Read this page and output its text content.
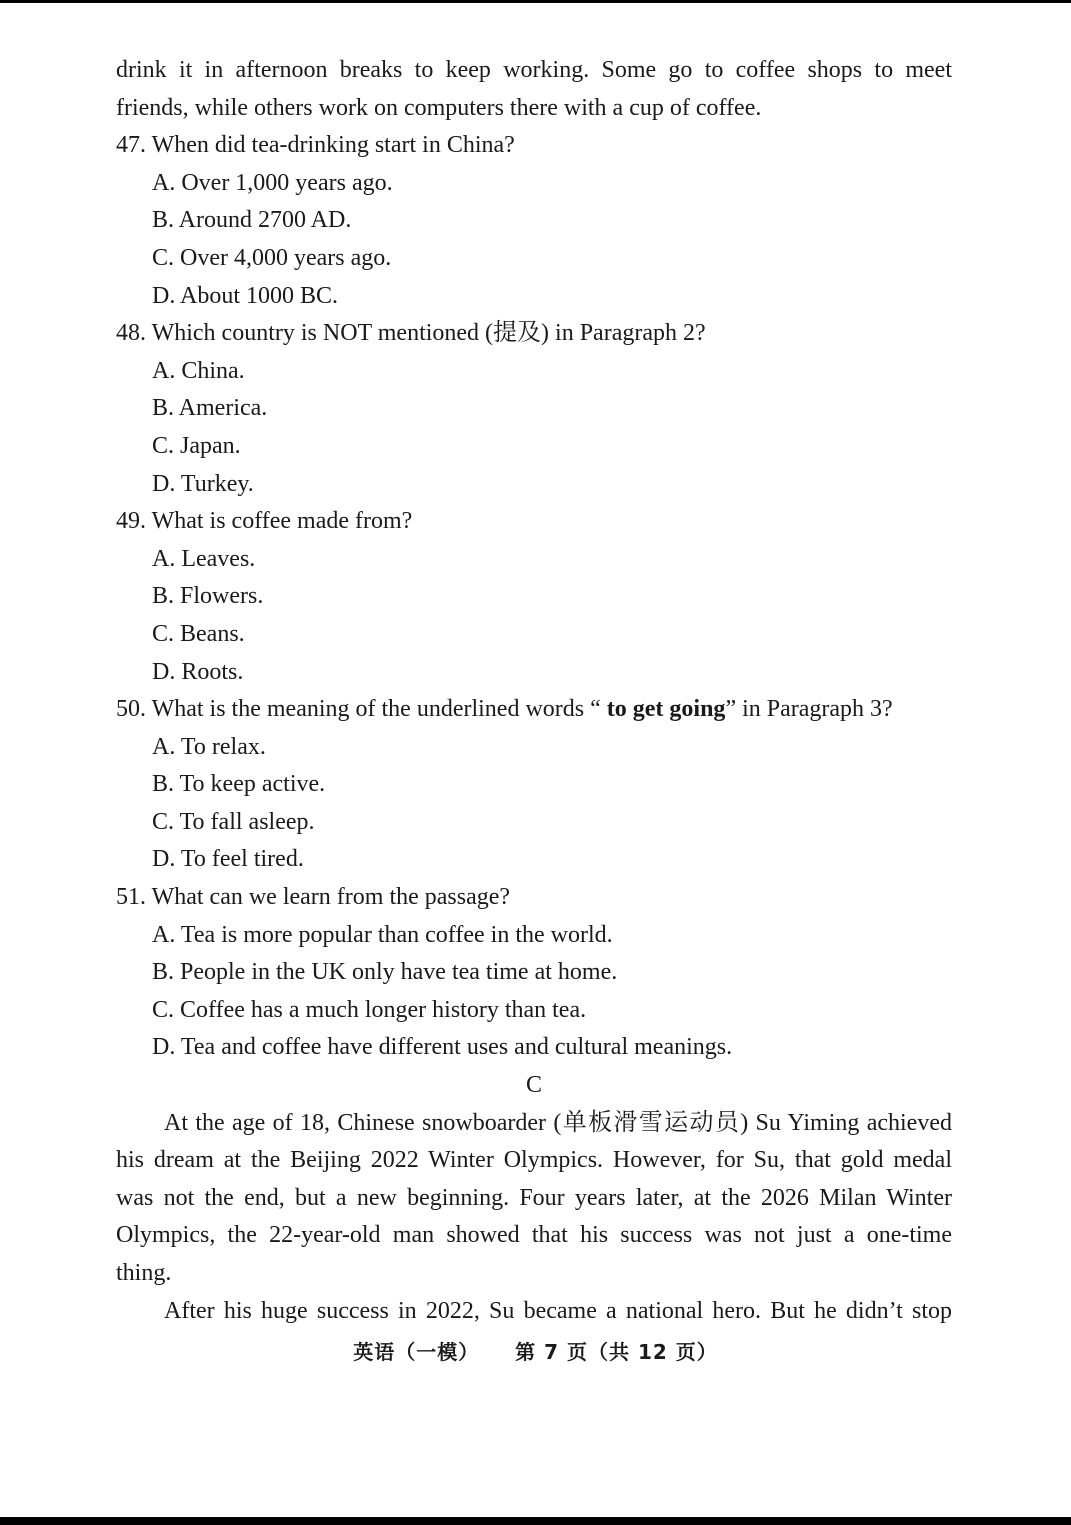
drink it in afternoon breaks to keep working. Some go to coffee shops to meet
friends, while others work on computers there with a cup of coffee.
47. When did tea-drinking start in China?
A. Over 1,000 years ago.
B. Around 2700 AD.
C. Over 4,000 years ago.
D. About 1000 BC.
48. Which country is NOT mentioned (提及) in Paragraph 2?
A. China.
B. America.
C. Japan.
D. Turkey.
49. What is coffee made from?
A. Leaves.
B. Flowers.
C. Beans.
D. Roots.
50. What is the meaning of the underlined words “ to get going” in Paragraph 3?
A. To relax.
B. To keep active.
C. To fall asleep.
D. To feel tired.
51. What can we learn from the passage?
A. Tea is more popular than coffee in the world.
B. People in the UK only have tea time at home.
C. Coffee has a much longer history than tea.
D. Tea and coffee have different uses and cultural meanings.
C
At the age of 18, Chinese snowboarder (单板滑雪运动员) Su Yiming achieved
his dream at the Beijing 2022 Winter Olympics. However, for Su, that gold medal
was not the end, but a new beginning. Four years later, at the 2026 Milan Winter
Olympics, the 22-year-old man showed that his success was not just a one-time
thing.
After his huge success in 2022, Su became a national hero. But he didn’t stop
英语（一模） 第 7 页（共 12 页）
